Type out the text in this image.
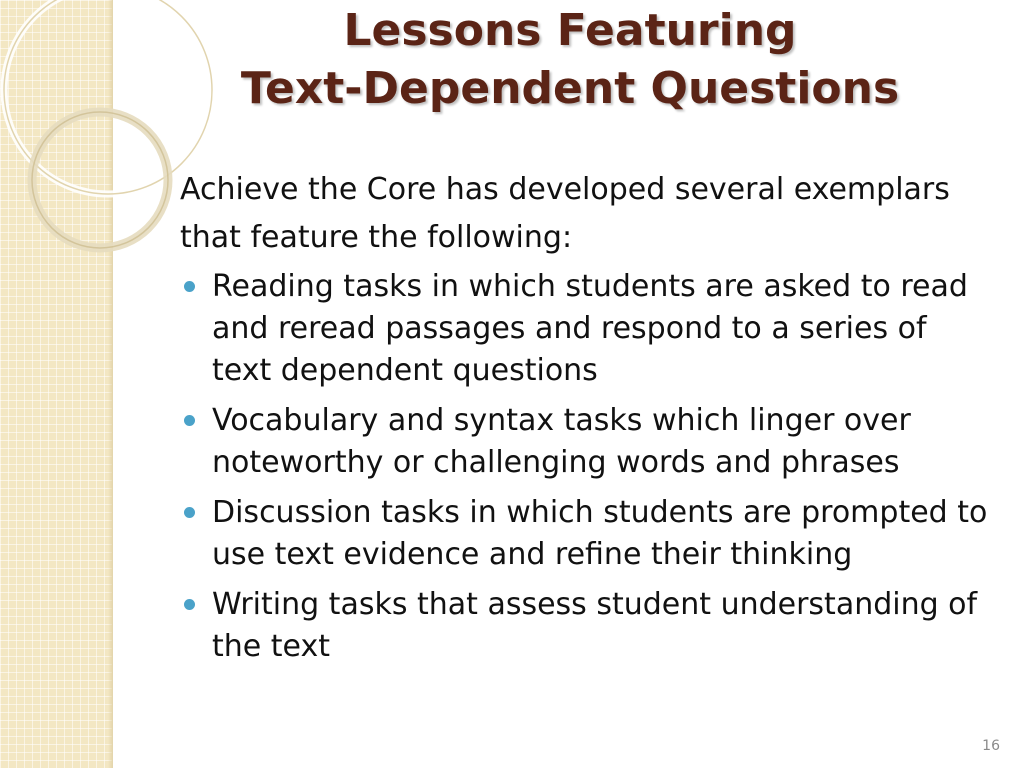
Lessons Featuring
Text-Dependent Questions
Achieve the Core has developed several exemplars
that feature the following:
Reading tasks in which students are asked to read and reread passages and respond to a series of text dependent questions
Vocabulary and syntax tasks which linger over noteworthy or challenging words and phrases
Discussion tasks in which students are prompted to use text evidence and refine their thinking
Writing tasks that assess student understanding of the text
16
